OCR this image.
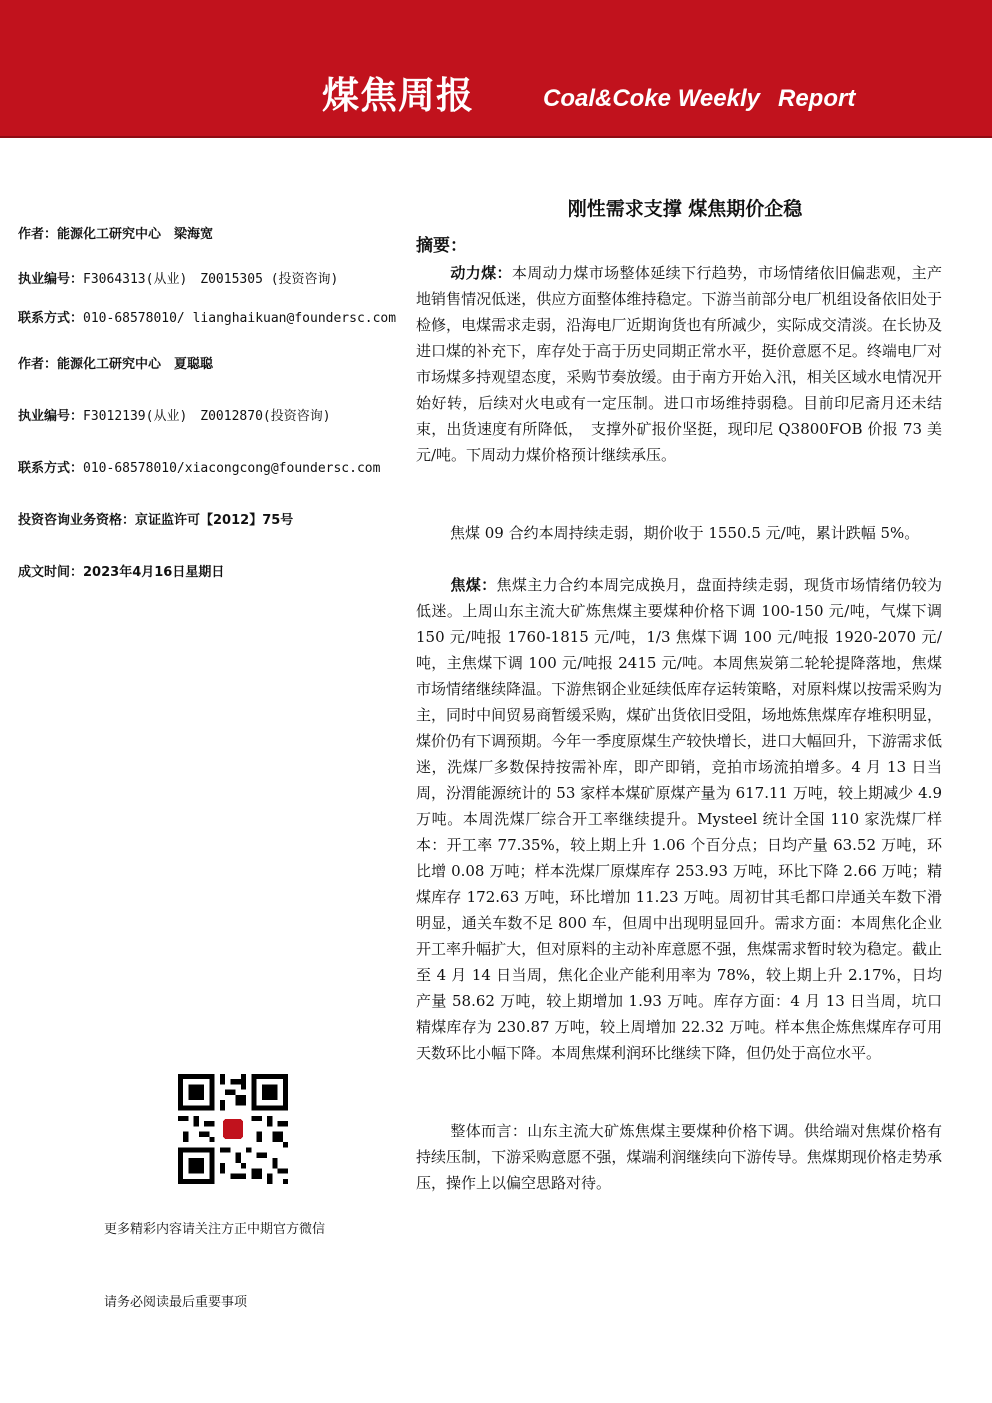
煤焦周报	Coal&Coke Weekly Report
作者：能源化工研究中心　梁海宽
执业编号：F3064313(从业)　Z0015305 (投资咨询)
联系方式：010-68578010/ lianghaikuan@foundersc.com
作者：能源化工研究中心　夏聪聪
执业编号：F3012139(从业)　Z0012870(投资咨询)
联系方式：010-68578010/xiacongcong@foundersc.com
投资咨询业务资格：京证监许可【2012】75号
成文时间：2023年4月16日星期日
更多精彩内容请关注方正中期官方微信
请务必阅读最后重要事项
刚性需求支撑 煤焦期价企稳
摘要：
动力煤：本周动力煤市场整体延续下行趋势，市场情绪依旧偏悲观，主产地销售情况低迷，供应方面整体维持稳定。下游当前部分电厂机组设备依旧处于检修，电煤需求走弱，沿海电厂近期询货也有所减少，实际成交清淡。在长协及进口煤的补充下，库存处于高于历史同期正常水平，挺价意愿不足。终端电厂对市场煤多持观望态度，采购节奏放缓。由于南方开始入汛，相关区域水电情况开始好转，后续对火电或有一定压制。进口市场维持弱稳。目前印尼斋月还未结束，出货速度有所降低，　支撑外矿报价坚挺，现印尼 Q3800FOB 价报 73 美元/吨。下周动力煤价格预计继续承压。
焦煤 09 合约本周持续走弱，期价收于 1550.5 元/吨，累计跌幅 5%。
焦煤：焦煤主力合约本周完成换月，盘面持续走弱，现货市场情绪仍较为低迷。上周山东主流大矿炼焦煤主要煤种价格下调 100-150 元/吨，气煤下调 150 元/吨报 1760-1815 元/吨，1/3 焦煤下调 100 元/吨报 1920-2070 元/吨，主焦煤下调 100 元/吨报 2415 元/吨。本周焦炭第二轮轮提降落地，焦煤市场情绪继续降温。下游焦钢企业延续低库存运转策略，对原料煤以按需采购为主，同时中间贸易商暂缓采购，煤矿出货依旧受阻，场地炼焦煤库存堆积明显，煤价仍有下调预期。今年一季度原煤生产较快增长，进口大幅回升，下游需求低迷，洗煤厂多数保持按需补库，即产即销，竞拍市场流拍增多。4 月 13 日当周，汾渭能源统计的 53 家样本煤矿原煤产量为 617.11 万吨，较上期减少 4.9 万吨。本周洗煤厂综合开工率继续提升。Mysteel 统计全国 110 家洗煤厂样本：开工率 77.35%，较上期上升 1.06 个百分点；日均产量 63.52 万吨，环比增 0.08 万吨；样本洗煤厂原煤库存 253.93 万吨，环比下降 2.66 万吨；精煤库存 172.63 万吨，环比增加 11.23 万吨。周初甘其毛都口岸通关车数下滑明显，通关车数不足 800 车，但周中出现明显回升。需求方面：本周焦化企业开工率升幅扩大，但对原料的主动补库意愿不强，焦煤需求暂时较为稳定。截止至 4 月 14 日当周，焦化企业产能利用率为 78%，较上期上升 2.17%，日均产量 58.62 万吨，较上期增加 1.93 万吨。库存方面：4 月 13 日当周，坑口精煤库存为 230.87 万吨，较上周增加 22.32 万吨。样本焦企炼焦煤库存可用天数环比小幅下降。本周焦煤利润环比继续下降，但仍处于高位水平。
整体而言：山东主流大矿炼焦煤主要煤种价格下调。供给端对焦煤价格有持续压制，下游采购意愿不强，煤端利润继续向下游传导。焦煤期现价格走势承压，操作上以偏空思路对待。
